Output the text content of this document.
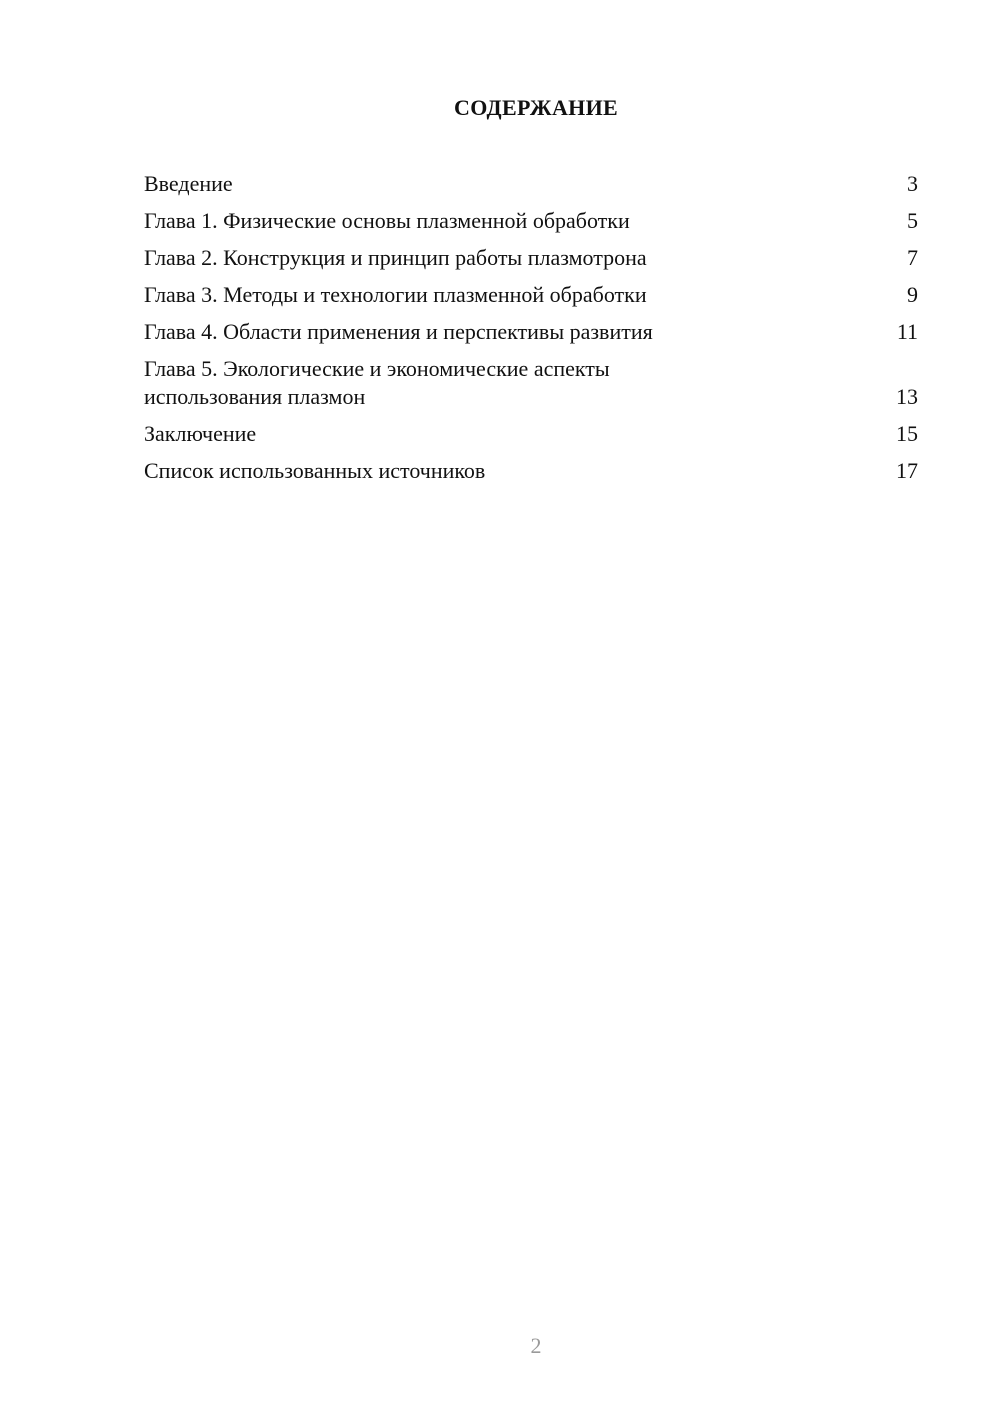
СОДЕРЖАНИЕ
Введение	3
Глава 1. Физические основы плазменной обработки	5
Глава 2. Конструкция и принцип работы плазмотрона	7
Глава 3. Методы и технологии плазменной обработки	9
Глава 4. Области применения и перспективы развития	11
Глава 5. Экологические и экономические аспекты использования плазмон	13
Заключение	15
Список использованных источников	17
2
